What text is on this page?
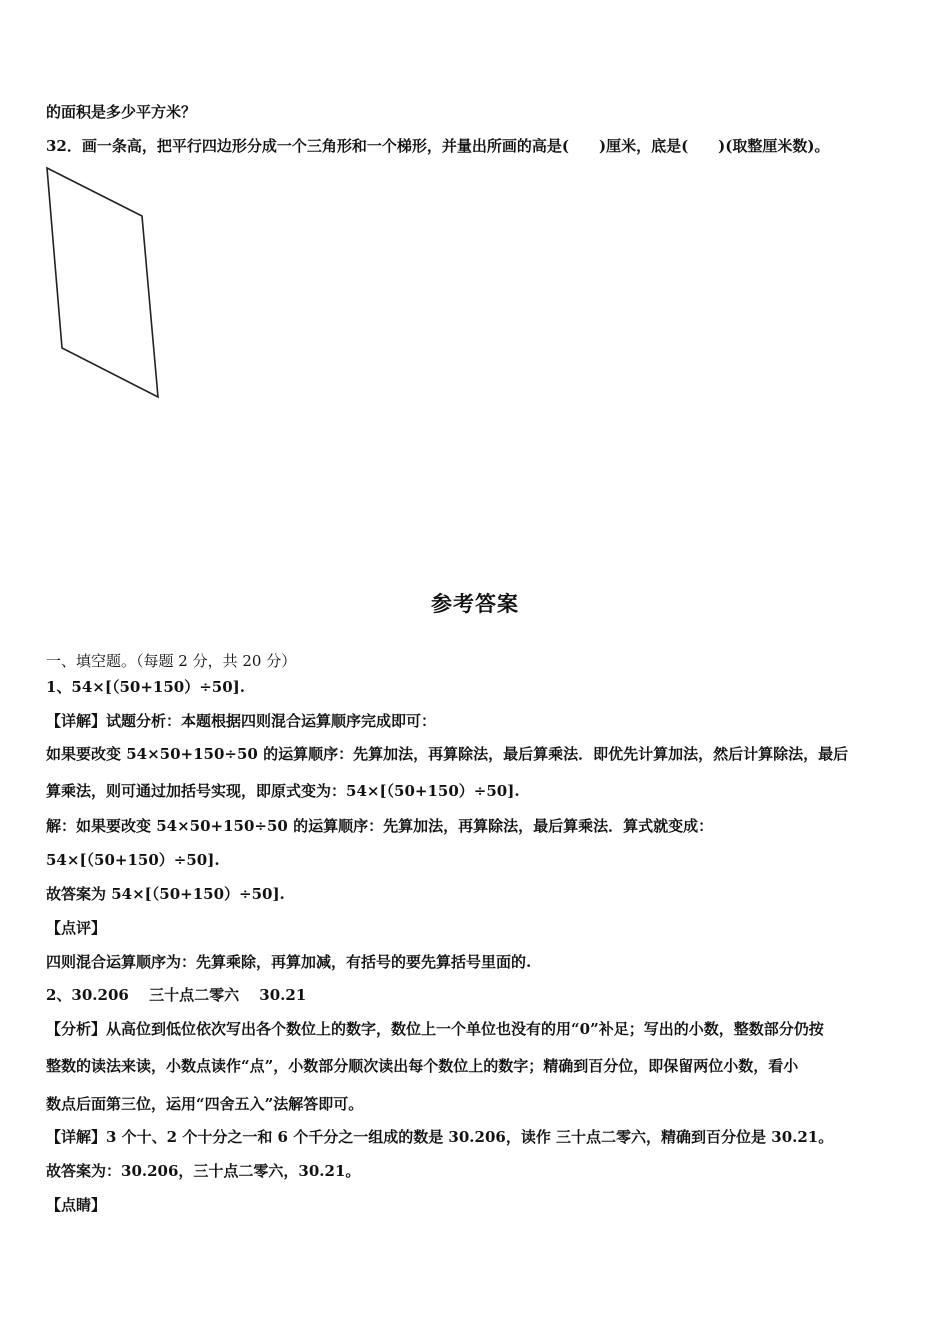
的面积是多少平方米？
32．画一条高，把平行四边形分成一个三角形和一个梯形，并量出所画的高是(　　)厘米，底是(　　)(取整厘米数)。
参考答案
一、填空题。（每题 2 分，共 20 分）
1、54×[（50+150）÷50].
【详解】试题分析：本题根据四则混合运算顺序完成即可：
如果要改变 54×50+150÷50 的运算顺序：先算加法，再算除法，最后算乘法．即优先计算加法，然后计算除法，最后
算乘法，则可通过加括号实现，即原式变为：54×[（50+150）÷50].
解：如果要改变 54×50+150÷50 的运算顺序：先算加法，再算除法，最后算乘法．算式就变成：
54×[（50+150）÷50].
故答案为 54×[（50+150）÷50].
【点评】
四则混合运算顺序为：先算乘除，再算加减，有括号的要先算括号里面的.
2、30.206　 三十点二零六　 30.21
【分析】从高位到低位依次写出各个数位上的数字，数位上一个单位也没有的用“0”补足；写出的小数，整数部分仍按
整数的读法来读，小数点读作“点”，小数部分顺次读出每个数位上的数字；精确到百分位，即保留两位小数，看小
数点后面第三位，运用“四舍五入”法解答即可。
【详解】3 个十、2 个十分之一和 6 个千分之一组成的数是 30.206，读作 三十点二零六，精确到百分位是 30.21。
故答案为：30.206，三十点二零六，30.21。
【点睛】
